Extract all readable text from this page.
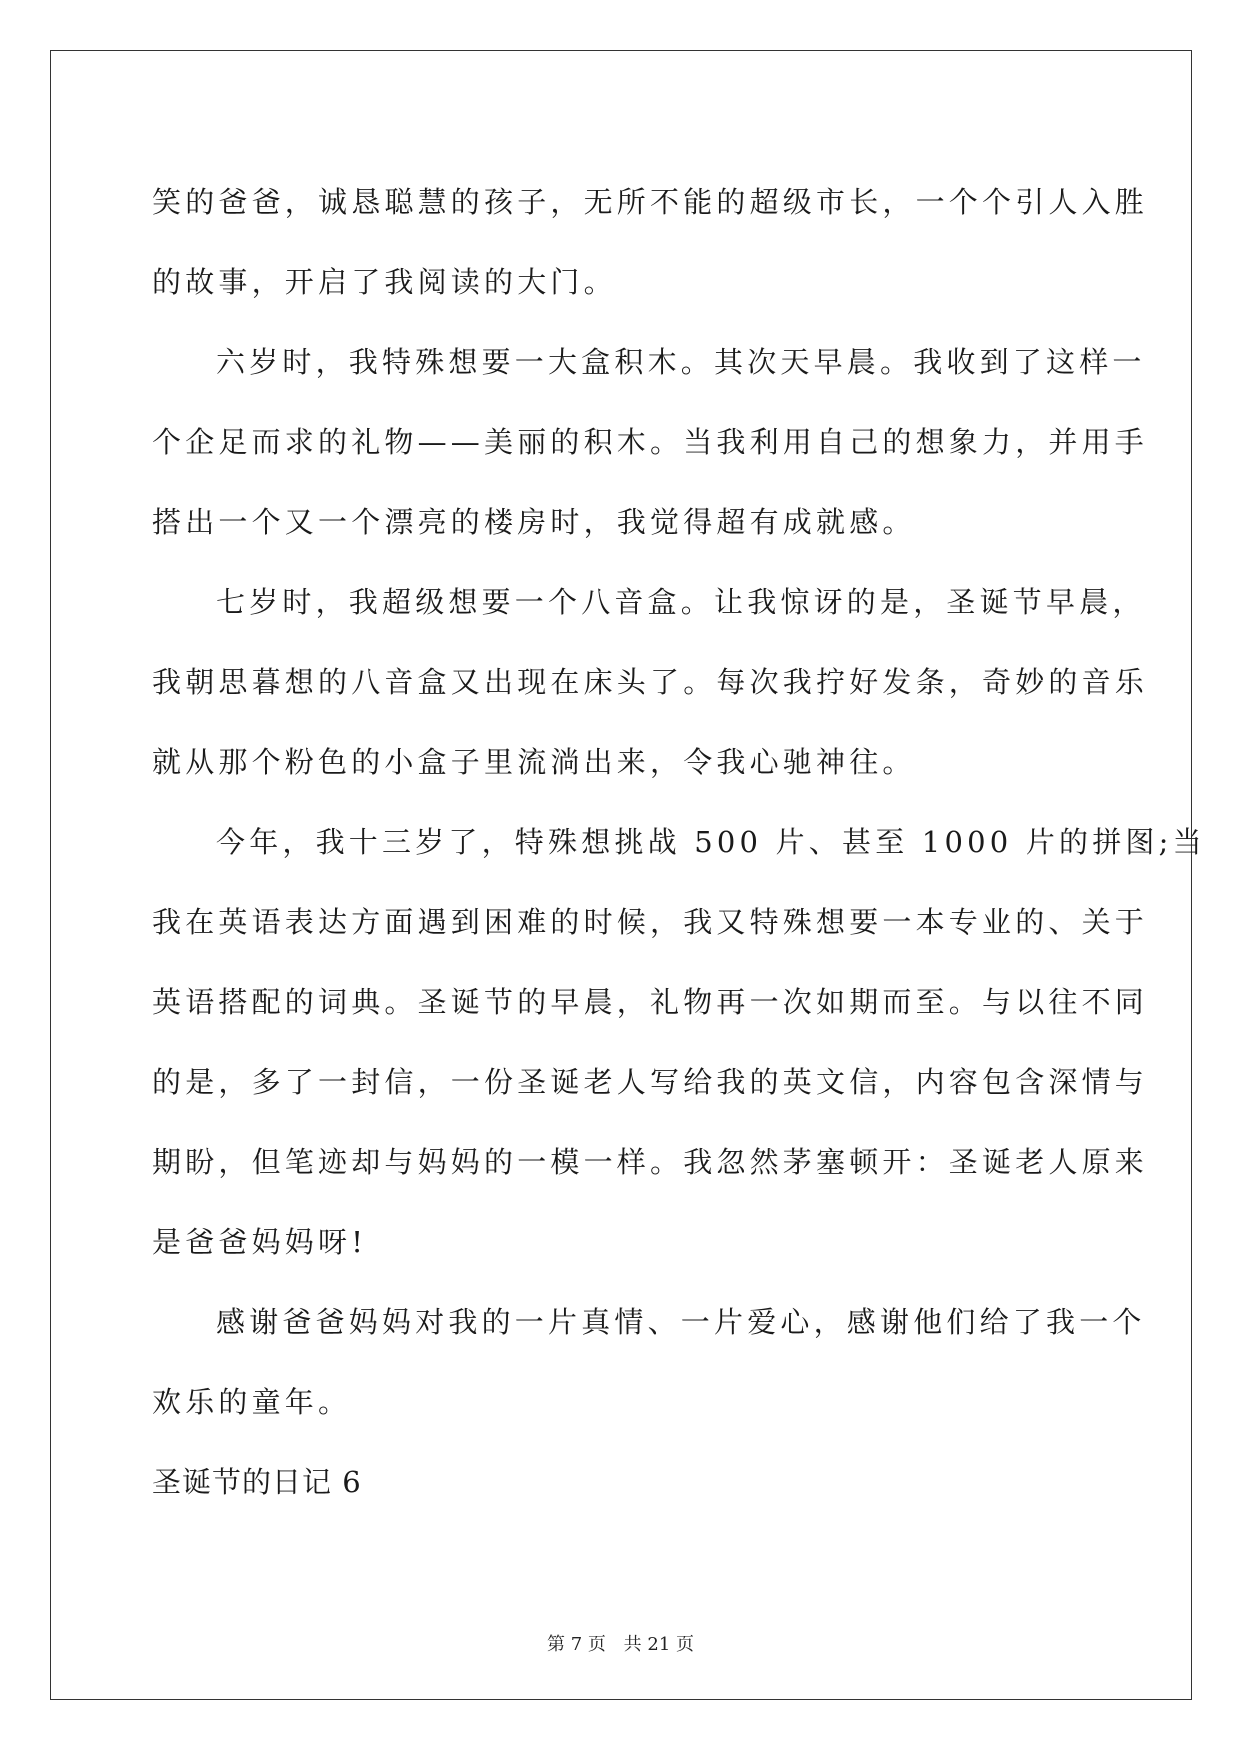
笑的爸爸，诚恳聪慧的孩子，无所不能的超级市长，一个个引人入胜
的故事，开启了我阅读的大门。
六岁时，我特殊想要一大盒积木。其次天早晨。我收到了这样一
个企足而求的礼物——美丽的积木。当我利用自己的想象力，并用手
搭出一个又一个漂亮的楼房时，我觉得超有成就感。
七岁时，我超级想要一个八音盒。让我惊讶的是，圣诞节早晨，
我朝思暮想的八音盒又出现在床头了。每次我拧好发条，奇妙的音乐
就从那个粉色的小盒子里流淌出来，令我心驰神往。
今年，我十三岁了，特殊想挑战 500 片、甚至 1000 片的拼图;当
我在英语表达方面遇到困难的时候，我又特殊想要一本专业的、关于
英语搭配的词典。圣诞节的早晨，礼物再一次如期而至。与以往不同
的是，多了一封信，一份圣诞老人写给我的英文信，内容包含深情与
期盼，但笔迹却与妈妈的一模一样。我忽然茅塞顿开：圣诞老人原来
是爸爸妈妈呀!
感谢爸爸妈妈对我的一片真情、一片爱心，感谢他们给了我一个
欢乐的童年。
圣诞节的日记 6
第 7 页 共 21 页
